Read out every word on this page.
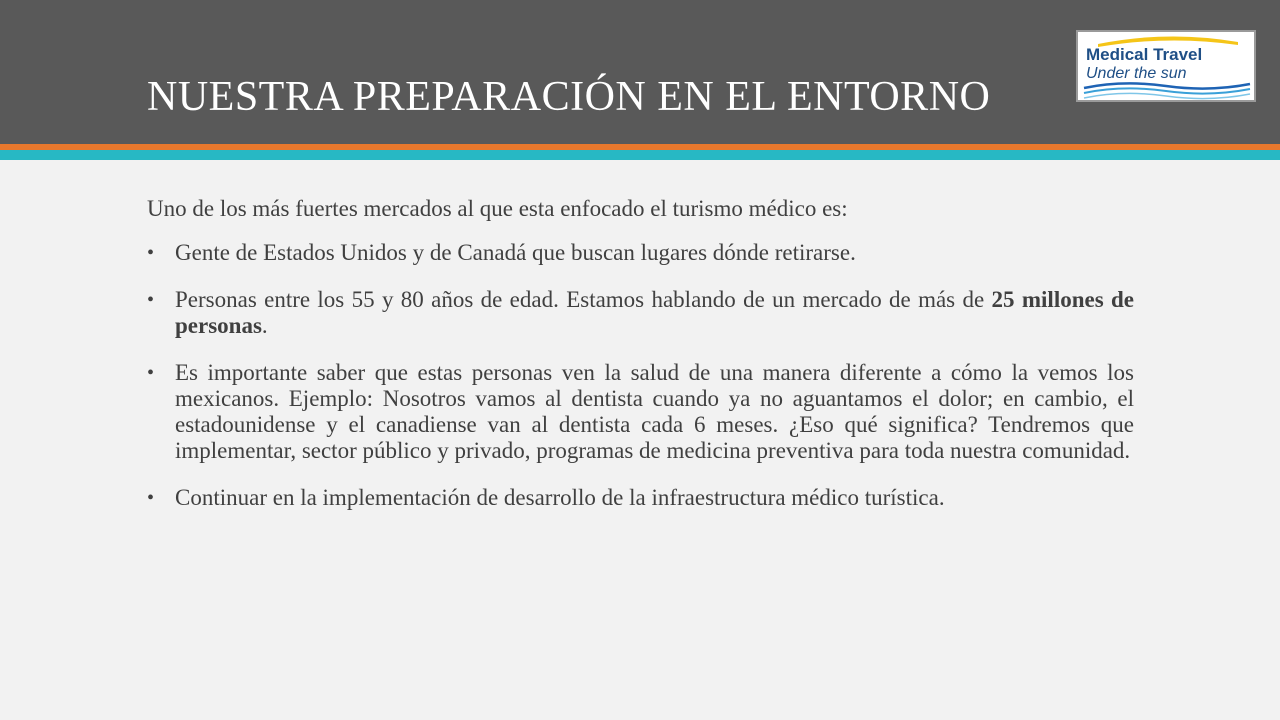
NUESTRA PREPARACIÓN EN EL ENTORNO
Medical Travel
Under the sun

Uno de los más fuertes mercados al que esta enfocado el turismo médico es:

• Gente de Estados Unidos y de Canadá que buscan lugares dónde retirarse.
• Personas entre los 55 y 80 años de edad. Estamos hablando de un mercado de más de 25 millones de personas.
• Es importante saber que estas personas ven la salud de una manera diferente a cómo la vemos los mexicanos. Ejemplo: Nosotros vamos al dentista cuando ya no aguantamos el dolor; en cambio, el estadounidense y el canadiense van al dentista cada 6 meses. ¿Eso qué significa? Tendremos que implementar, sector público y privado, programas de medicina preventiva para toda nuestra comunidad.
• Continuar en la implementación de desarrollo de la infraestructura médico turística.
